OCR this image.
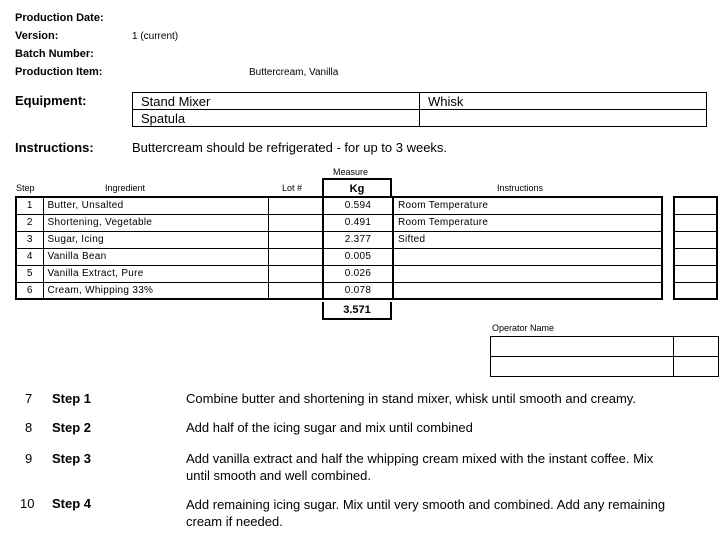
Production Date:
Version:	1 (current)
Batch Number:
Production Item:	Buttercream, Vanilla
Equipment:	Stand Mixer	Whisk
Spatula	
Instructions:	Buttercream should be refrigerated - for up to 3 weeks.
Measure
Kg
Step	Ingredient	Lot #	Instructions
1	Butter, Unsalted		0.594	Room Temperature
2	Shortening, Vegetable		0.491	Room Temperature
3	Sugar, Icing		2.377	Sifted
4	Vanilla Bean		0.005	
5	Vanilla Extract, Pure		0.026	
6	Cream, Whipping 33%		0.078	

3.571
Operator Name

7 Step 1	Combine butter and shortening in stand mixer, whisk until smooth and creamy.
8 Step 2	Add half of the icing sugar and mix until combined
9 Step 3	Add vanilla extract and half the whipping cream mixed with the instant coffee. Mix
until smooth and well combined.
10 Step 4	Add remaining icing sugar. Mix until very smooth and combined. Add any remaining
cream if needed.
